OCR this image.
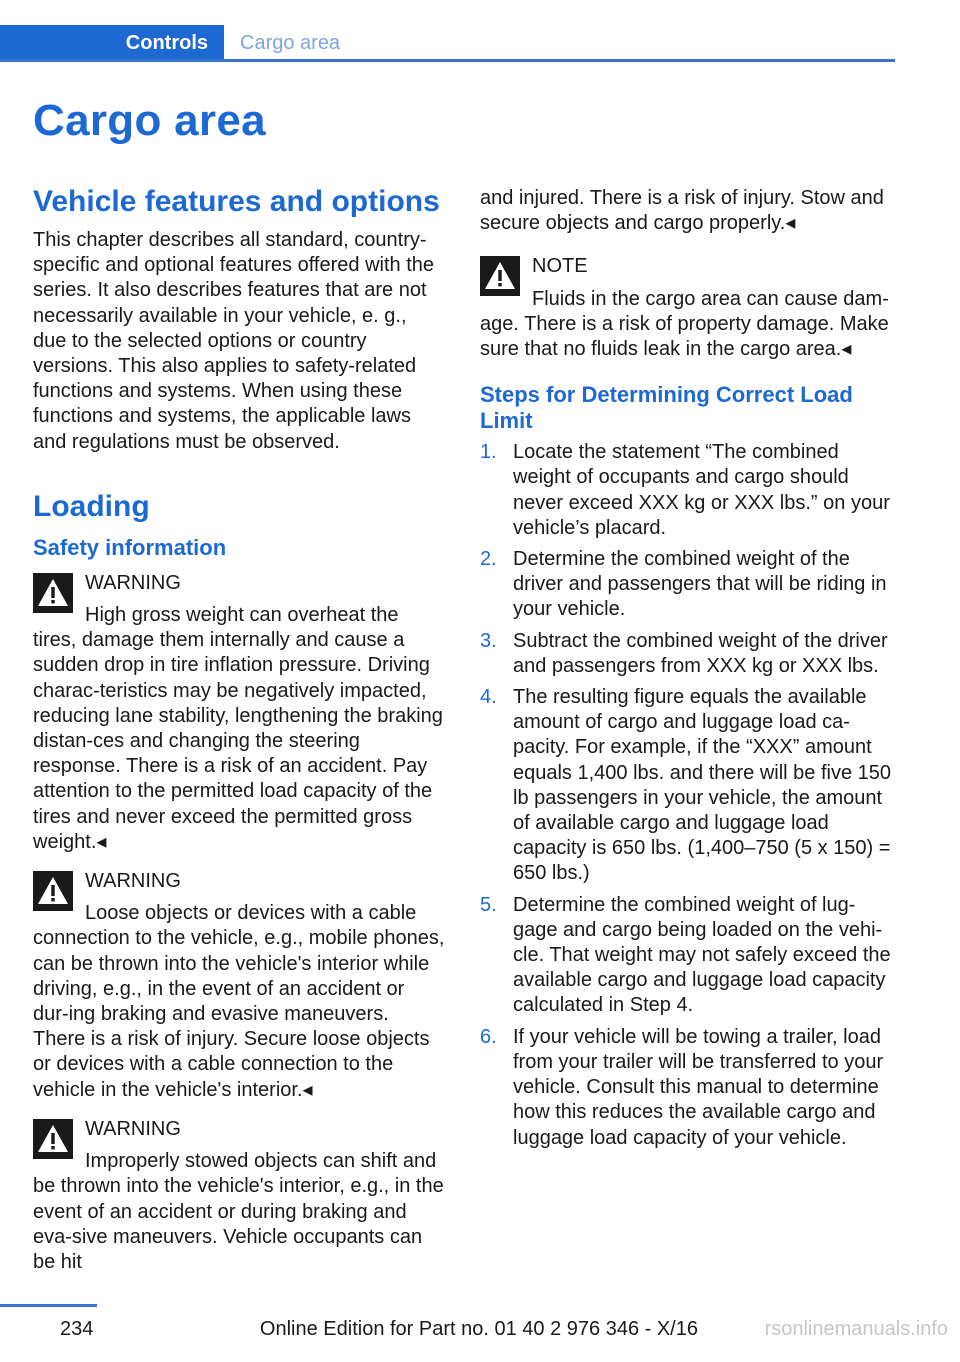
Controls	Cargo area
Cargo area
Vehicle features and options

This chapter describes all standard, country-specific and optional features offered with the series. It also describes features that are not necessarily available in your vehicle, e. g., due to the selected options or country versions. This also applies to safety-related functions and systems. When using these functions and systems, the applicable laws and regulations must be observed.

Loading
Safety information
WARNING

High gross weight can overheat the tires, damage them internally and cause a sudden drop in tire inflation pressure. Driving charac-teristics may be negatively impacted, reducing lane stability, lengthening the braking distan-ces and changing the steering response. There is a risk of an accident. Pay attention to the permitted load capacity of the tires and never exceed the permitted gross weight.◂

WARNING

Loose objects or devices with a cable connection to the vehicle, e.g., mobile phones, can be thrown into the vehicle's interior while driving, e.g., in the event of an accident or dur-ing braking and evasive maneuvers. There is a risk of injury. Secure loose objects or devices with a cable connection to the vehicle in the vehicle's interior.◂

WARNING

Improperly stowed objects can shift and be thrown into the vehicle's interior, e.g., in the event of an accident or during braking and eva-sive maneuvers. Vehicle occupants can be hit

and injured. There is a risk of injury. Stow and secure objects and cargo properly.◂

NOTE

Fluids in the cargo area can cause dam-age. There is a risk of property damage. Make sure that no fluids leak in the cargo area.◂

Steps for Determining Correct Load Limit
1. Locate the statement “The combined weight of occupants and cargo should never exceed XXX kg or XXX lbs.” on your vehicle’s placard.
2. Determine the combined weight of the driver and passengers that will be riding in your vehicle.
3. Subtract the combined weight of the driver and passengers from XXX kg or XXX lbs.
4. The resulting figure equals the available amount of cargo and luggage load ca-pacity. For example, if the “XXX” amount equals 1,400 lbs. and there will be five 150 lb passengers in your vehicle, the amount of available cargo and luggage load capacity is 650 lbs. (1,400–750 (5 x 150) = 650 lbs.)
5. Determine the combined weight of lug-gage and cargo being loaded on the vehi-cle. That weight may not safely exceed the available cargo and luggage load capacity calculated in Step 4.
6. If your vehicle will be towing a trailer, load from your trailer will be transferred to your vehicle. Consult this manual to determine how this reduces the available cargo and luggage load capacity of your vehicle.
234	Online Edition for Part no. 01 40 2 976 346 - X/16	rsonlinemanuals.info
